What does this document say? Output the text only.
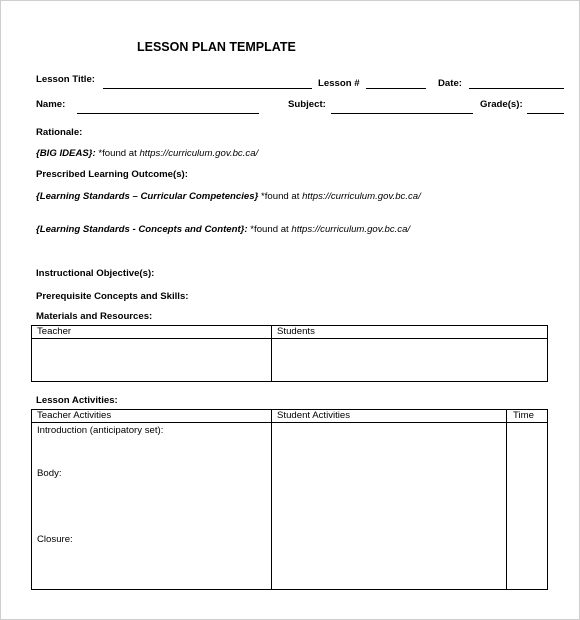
LESSON PLAN TEMPLATE
Lesson Title:	Lesson #	Date:
Name:	Subject:	Grade(s):
Rationale:
{BIG IDEAS}: *found at https://curriculum.gov.bc.ca/
Prescribed Learning Outcome(s):
{Learning Standards – Curricular Competencies} *found at https://curriculum.gov.bc.ca/
{Learning Standards - Concepts and Content}: *found at https://curriculum.gov.bc.ca/
Instructional Objective(s):
Prerequisite Concepts and Skills:
Materials and Resources:
Teacher	Students

Lesson Activities:
Teacher Activities	Student Activities	Time

Introduction (anticipatory set):
Body:
Closure:		
